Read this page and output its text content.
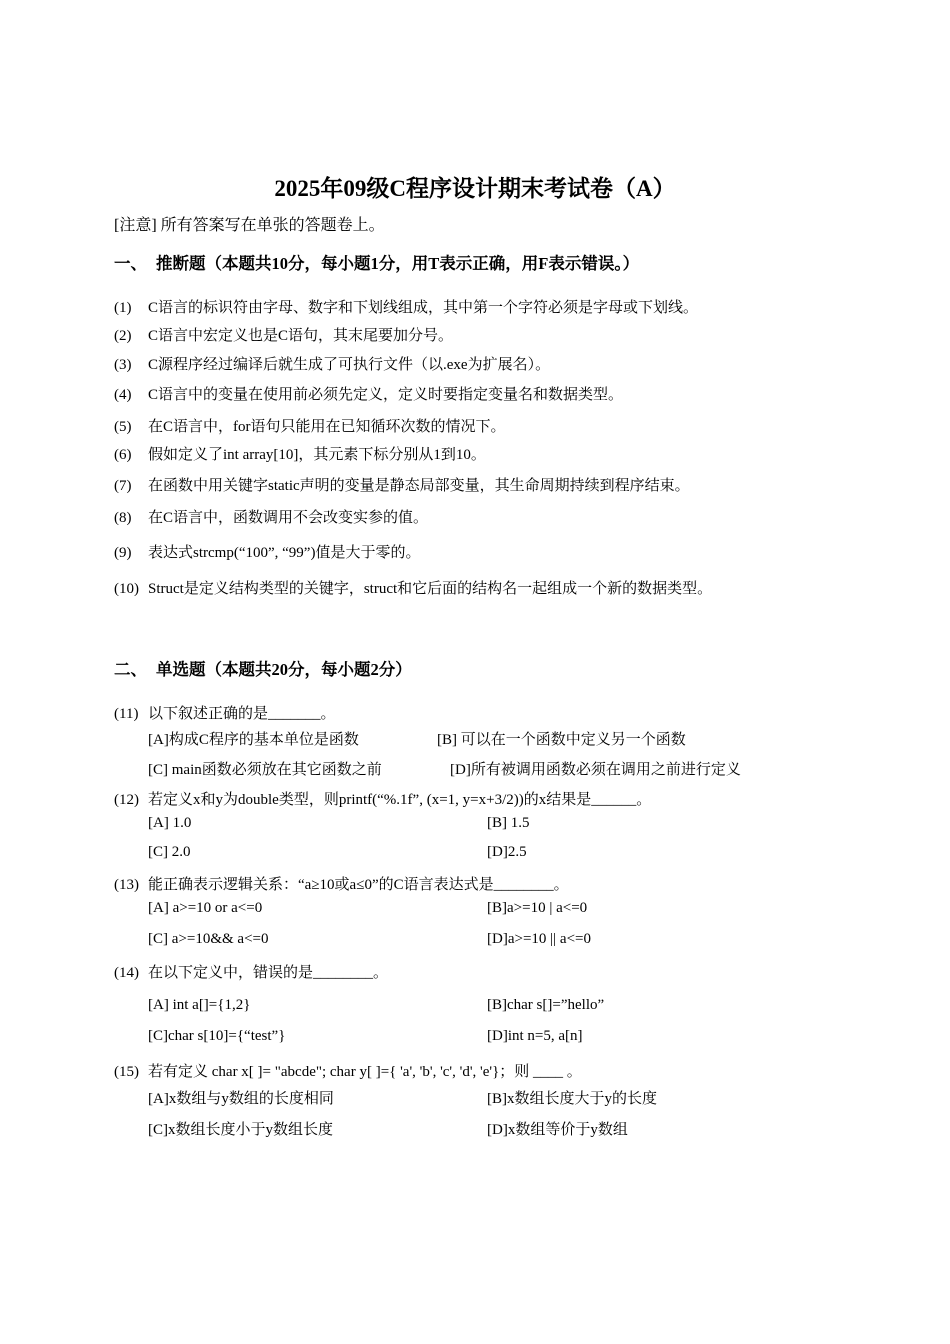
2025年09级C程序设计期末考试卷（A）
[注意] 所有答案写在单张的答题卷上。
一、 推断题（本题共10分，每小题1分，用T表示正确，用F表示错误。）
(1) C语言的标识符由字母、数字和下划线组成，其中第一个字符必须是字母或下划线。
(2) C语言中宏定义也是C语句，其末尾要加分号。
(3) C源程序经过编译后就生成了可执行文件（以.exe为扩展名）。
(4) C语言中的变量在使用前必须先定义，定义时要指定变量名和数据类型。
(5) 在C语言中，for语句只能用在已知循环次数的情况下。
(6) 假如定义了int array[10]，其元素下标分别从1到10。
(7) 在函数中用关键字static声明的变量是静态局部变量，其生命周期持续到程序结束。
(8) 在C语言中，函数调用不会改变实参的值。
(9) 表达式strcmp(“100”, “99”)值是大于零的。
(10) Struct是定义结构类型的关键字，struct和它后面的结构名一起组成一个新的数据类型。
二、 单选题（本题共20分，每小题2分）
(11) 以下叙述正确的是_______。
[A]构成C程序的基本单位是函数	[B] 可以在一个函数中定义另一个函数
[C] main函数必须放在其它函数之前	[D]所有被调用函数必须在调用之前进行定义
(12) 若定义x和y为double类型，则printf(“%.1f”, (x=1, y=x+3/2))的x结果是______。
[A] 1.0	[B] 1.5
[C] 2.0	[D]2.5
(13) 能正确表示逻辑关系：“a≥10或a≤0”的C语言表达式是________。
[A] a>=10 or a<=0	[B]a>=10 | a<=0
[C] a>=10&& a<=0	[D]a>=10 || a<=0
(14) 在以下定义中，错误的是________。
[A] int a[]={1,2}	[B]char s[]=”hello”
[C]char s[10]={“test”}	[D]int n=5, a[n]
(15) 若有定义 char x[ ]= "abcde"; char y[ ]={ 'a', 'b', 'c', 'd', 'e'}；则 ____ 。
[A]x数组与y数组的长度相同	[B]x数组长度大于y的长度
[C]x数组长度小于y数组长度	[D]x数组等价于y数组
